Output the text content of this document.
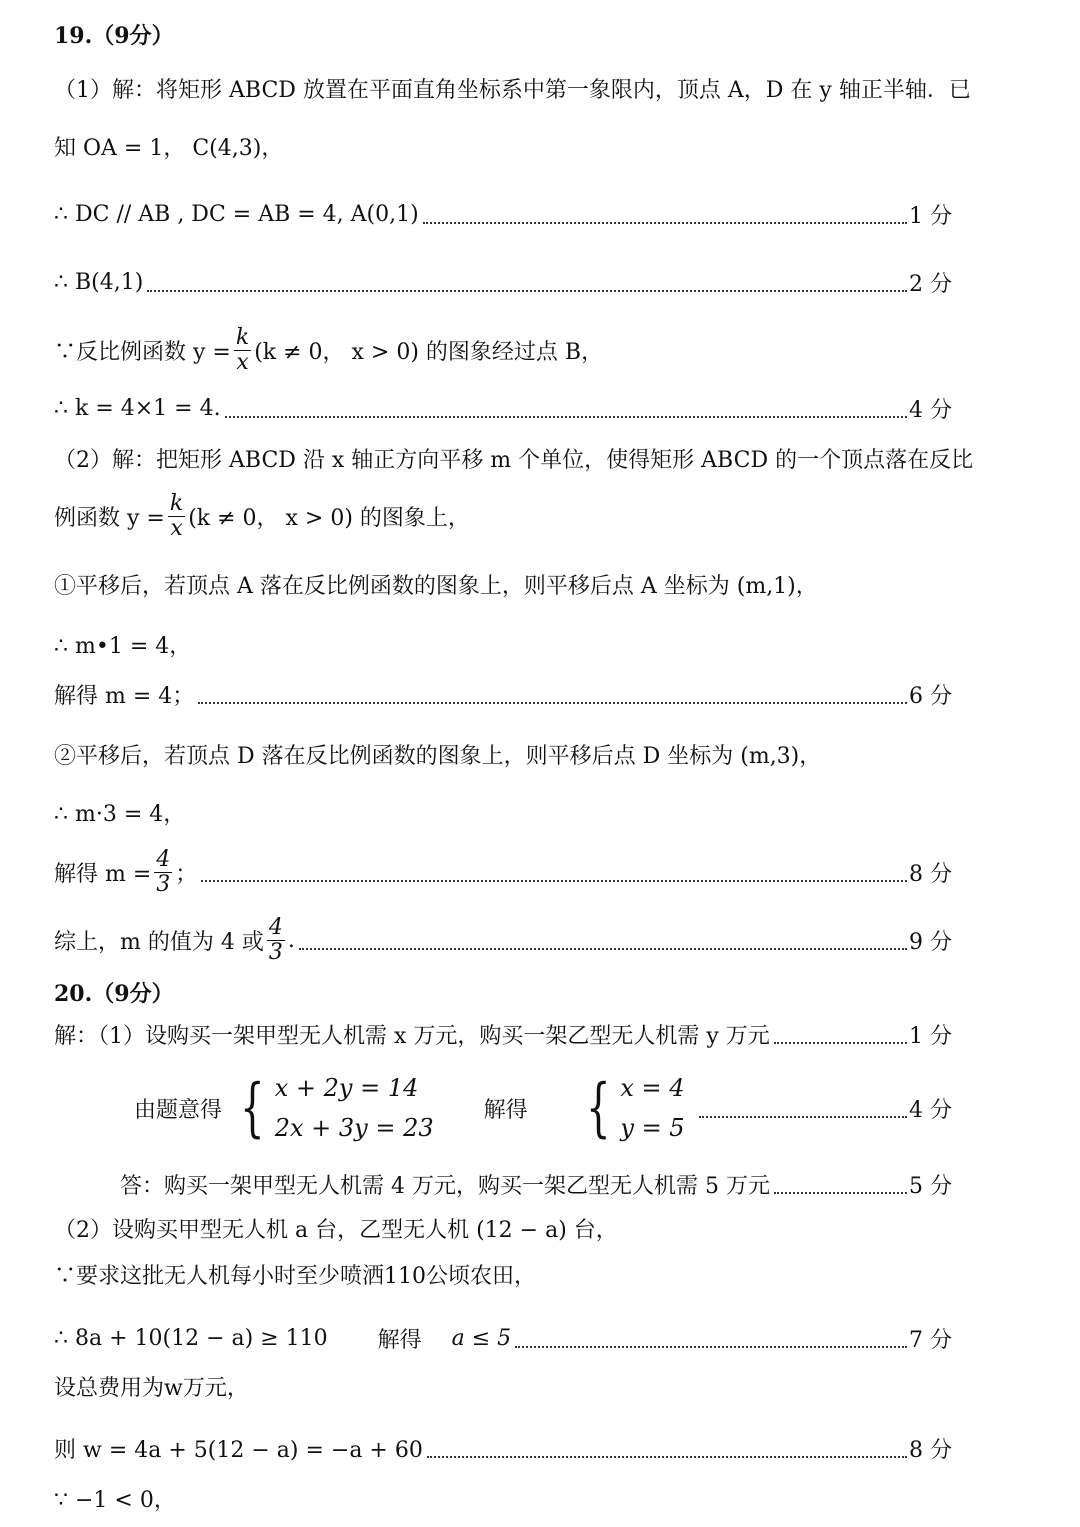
19.（9分）
（1）解：将矩形 ABCD 放置在平面直角坐标系中第一象限内，顶点 A，D 在 y 轴正半轴．已
知 OA = 1， C(4,3)，
∴ DC // AB , DC = AB = 4, A(0,1)	1 分
∴ B(4,1)	2 分
∵反比例函数 $y = \frac{k}{x} (k \ne 0$， x > 0) 的图象经过点 B，
∴ k = 4×1 = 4.	4 分
（2）解：把矩形 ABCD 沿 x 轴正方向平移 m 个单位，使得矩形 ABCD 的一个顶点落在反比
例函数 $y = \frac{k}{x} (k \ne 0$， x > 0) 的图象上，
①平移后，若顶点 A 落在反比例函数的图象上，则平移后点 A 坐标为 (m,1)，
∴ m•1 = 4，
解得 m = 4；	6 分
②平移后，若顶点 D 落在反比例函数的图象上，则平移后点 D 坐标为 (m,3)，
∴ m·3 = 4，
解得 $m = \frac{4}{3}$ ；	8 分
综上，m 的值为 4 或 $\frac{4}{3}$ .	9 分
20.（9分）
解：（1）设购买一架甲型无人机需 x 万元，购买一架乙型无人机需 y 万元	1 分
由题意得 { x + 2y = 14
2x + 3y = 23
解得 { x = 4
y = 5
4 分
答：购买一架甲型无人机需 4 万元，购买一架乙型无人机需 5 万元	5 分
（2）设购买甲型无人机 a 台，乙型无人机 (12 − a) 台，
∵要求这批无人机每小时至少喷洒110公顷农田，
∴ 8a + 10(12 − a) ≥ 110 解得 a ≤ 5	7 分
设总费用为w万元，
则 w = 4a + 5(12 − a) = −a + 60	8 分
∵ −1 < 0，
